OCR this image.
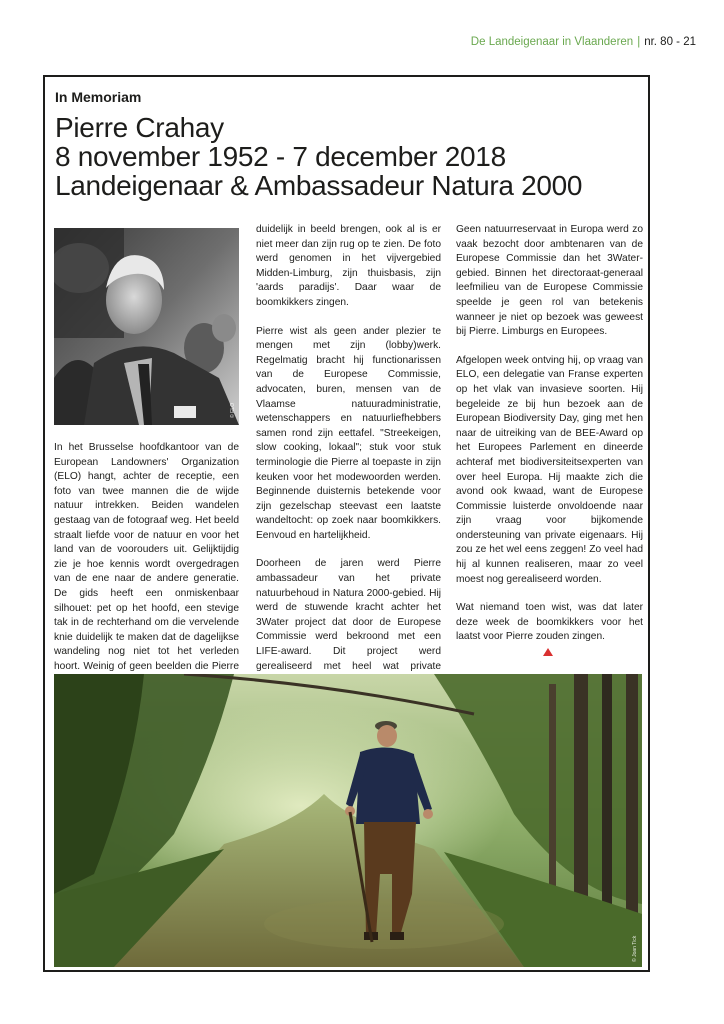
De Landeigenaar in Vlaanderen | nr. 80 - 21
In Memoriam
Pierre Crahay
8 november 1952 - 7 december 2018
Landeigenaar & Ambassadeur Natura 2000
© ELO

In het Brusselse hoofdkantoor van de European Landowners' Organization (ELO) hangt, achter de receptie, een foto van twee mannen die de wijde natuur intrekken. Beiden wandelen gestaag van de fotograaf weg. Het beeld straalt liefde voor de natuur en voor het land van de voorouders uit. Gelijktijdig zie je hoe kennis wordt overgedragen van de ene naar de andere generatie. De gids heeft een onmiskenbaar silhouet: pet op het hoofd, een stevige tak in de rechterhand om die vervelende knie duidelijk te maken dat de dagelijkse wandeling nog niet tot het verleden hoort. Weinig of geen beelden die Pierre

duidelijk in beeld brengen, ook al is er niet meer dan zijn rug op te zien. De foto werd genomen in het vijvergebied Midden-Limburg, zijn thuisbasis, zijn 'aards paradijs'. Daar waar de boomkikkers zingen.

Pierre wist als geen ander plezier te mengen met zijn (lobby)werk. Regelmatig bracht hij functionarissen van de Europese Commissie, advocaten, buren, mensen van de Vlaamse natuuradministratie, wetenschappers en natuurliefhebbers samen rond zijn eettafel. "Streekeigen, slow cooking, lokaal"; stuk voor stuk terminologie die Pierre al toepaste in zijn keuken voor het modewoorden werden. Beginnende duisternis betekende voor zijn gezelschap steevast een laatste wandeltocht: op zoek naar boomkikkers. Eenvoud en hartelijkheid.

Doorheen de jaren werd Pierre ambassadeur van het private natuurbehoud in Natura 2000-gebied. Hij werd de stuwende kracht achter het 3Water project dat door de Europese Commissie werd bekroond met een LIFE-award. Dit project werd gerealiseerd met heel wat private

Geen natuurreservaat in Europa werd zo vaak bezocht door ambtenaren van de Europese Commissie dan het 3Water-gebied. Binnen het directoraat-generaal leefmilieu van de Europese Commissie speelde je geen rol van betekenis wanneer je niet op bezoek was geweest bij Pierre. Limburgs en Europees.

Afgelopen week ontving hij, op vraag van ELO, een delegatie van Franse experten op het vlak van invasieve soorten. Hij begeleide ze bij hun bezoek aan de European Biodiversity Day, ging met hen naar de uitreiking van de BEE-Award op het Europees Parlement en dineerde achteraf met biodiversiteitsexperten van over heel Europa. Hij maakte zich die avond ook kwaad, want de Europese Commissie luisterde onvoldoende naar zijn vraag voor bijkomende ondersteuning van private eigenaars. Hij zou ze het wel eens zeggen! Zo veel had hij al kunnen realiseren, maar zo veel moest nog gerealiseerd worden.

Wat niemand toen wist, was dat later deze week de boomkikkers voor het laatst voor Pierre zouden zingen.

© Joan Tick
